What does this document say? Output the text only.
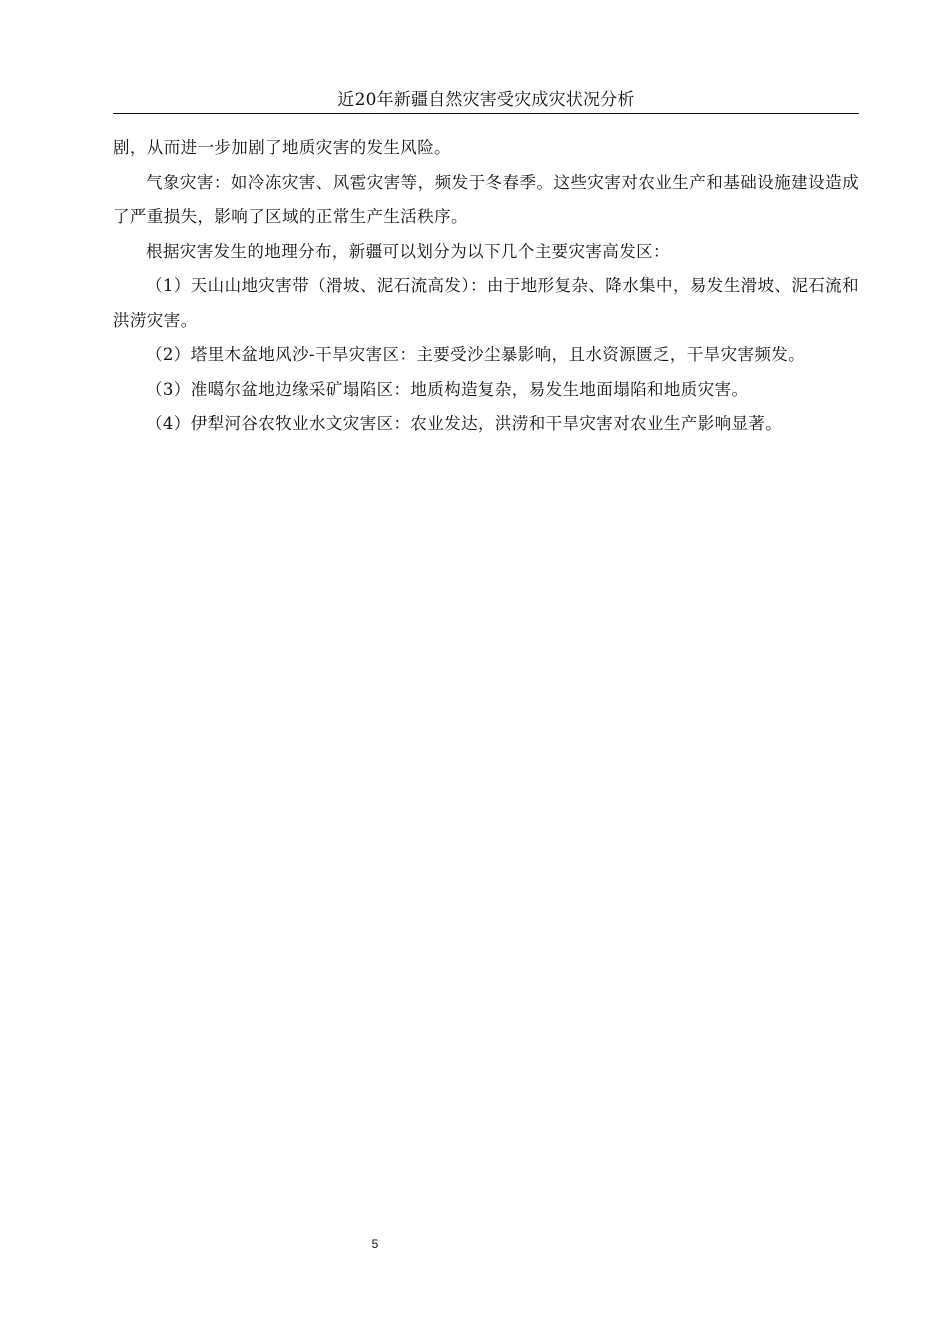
近20年新疆自然灾害受灾成灾状况分析

剧，从而进一步加剧了地质灾害的发生风险。

气象灾害：如冷冻灾害、风雹灾害等，频发于冬春季。这些灾害对农业生产和基础设施建设造成了严重损失，影响了区域的正常生产生活秩序。

根据灾害发生的地理分布，新疆可以划分为以下几个主要灾害高发区：

（1）天山山地灾害带（滑坡、泥石流高发）：由于地形复杂、降水集中，易发生滑坡、泥石流和洪涝灾害。

（2）塔里木盆地风沙-干旱灾害区：主要受沙尘暴影响，且水资源匮乏，干旱灾害频发。

（3）准噶尔盆地边缘采矿塌陷区：地质构造复杂，易发生地面塌陷和地质灾害。

（4）伊犁河谷农牧业水文灾害区：农业发达，洪涝和干旱灾害对农业生产影响显著。

5
